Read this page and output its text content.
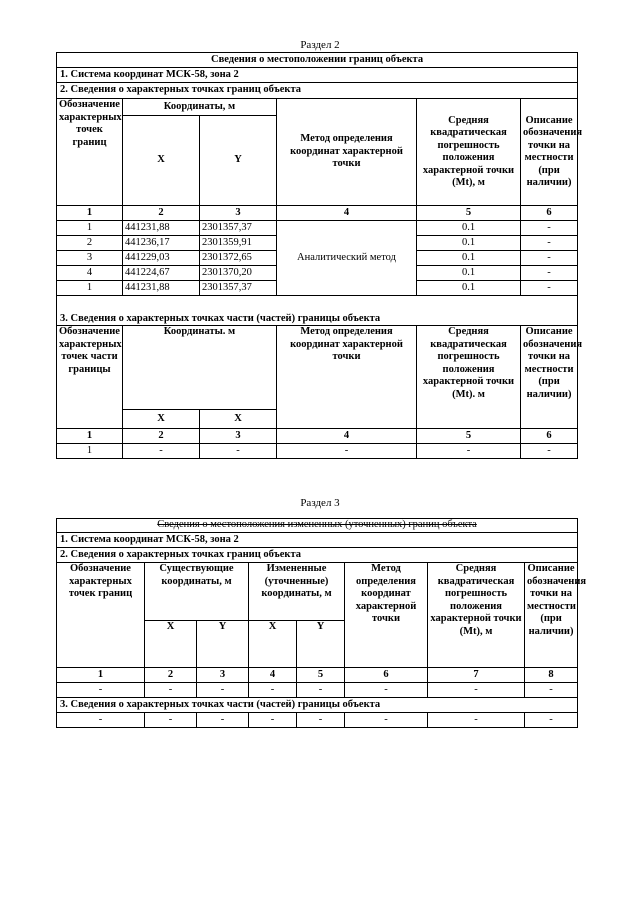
Раздел 2
Сведения о местоположении границ объекта					
1. Система координат МСК-58, зона 2					
2. Сведения о характерных точках границ объекта					
Обозначение характерных точек границ	Координаты, м		Метод определения координат характерной точки	Средняя квадратическая погрешность положения характерной точки (Mt), м	Описание обозначения точки на местности (при наличии)
	X	Y			
1	2	3	4	5	6
1	441231,88	2301357,37	Аналитический метод	0.1	-
2	441236,17	2301359,91		0.1	-
3	441229,03	2301372,65		0.1	-
4	441224,67	2301370,20		0.1	-
1	441231,88	2301357,37		0.1	-
3. Сведения о характерных точках части (частей) границы объекта					
Обозначение характерных точек части границы	Координаты. м		Метод определения координат характерной точки	Средняя квадратическая погрешность положения характерной точки (Mt). м	Описание обозначения точки на местности (при наличии)
	X	X			
1	2	3	4	5	6
1	-	-	-	-	-
Раздел 3
Сведения о местоположения измененных (уточненных) границ объекта							
1. Система координат МСК-58, зона 2							
2. Сведения о характерных точках границ объекта							
Обозначение характерных точек границ	Существующие координаты, м		Измененные (уточненные) координаты, м		Метод определения координат характерной точки	Средняя квадратическая погрешность положения характерной точки (Mt), м	Описание обозначения точки на местности (при наличии)
	X	Y	X	Y			
1	2	3	4	5	6	7	8
-	-	-	-	-	-	-	-
3. Сведения о характерных точках части (частей) границы объекта							
-	-	-	-	-	-	-	-
